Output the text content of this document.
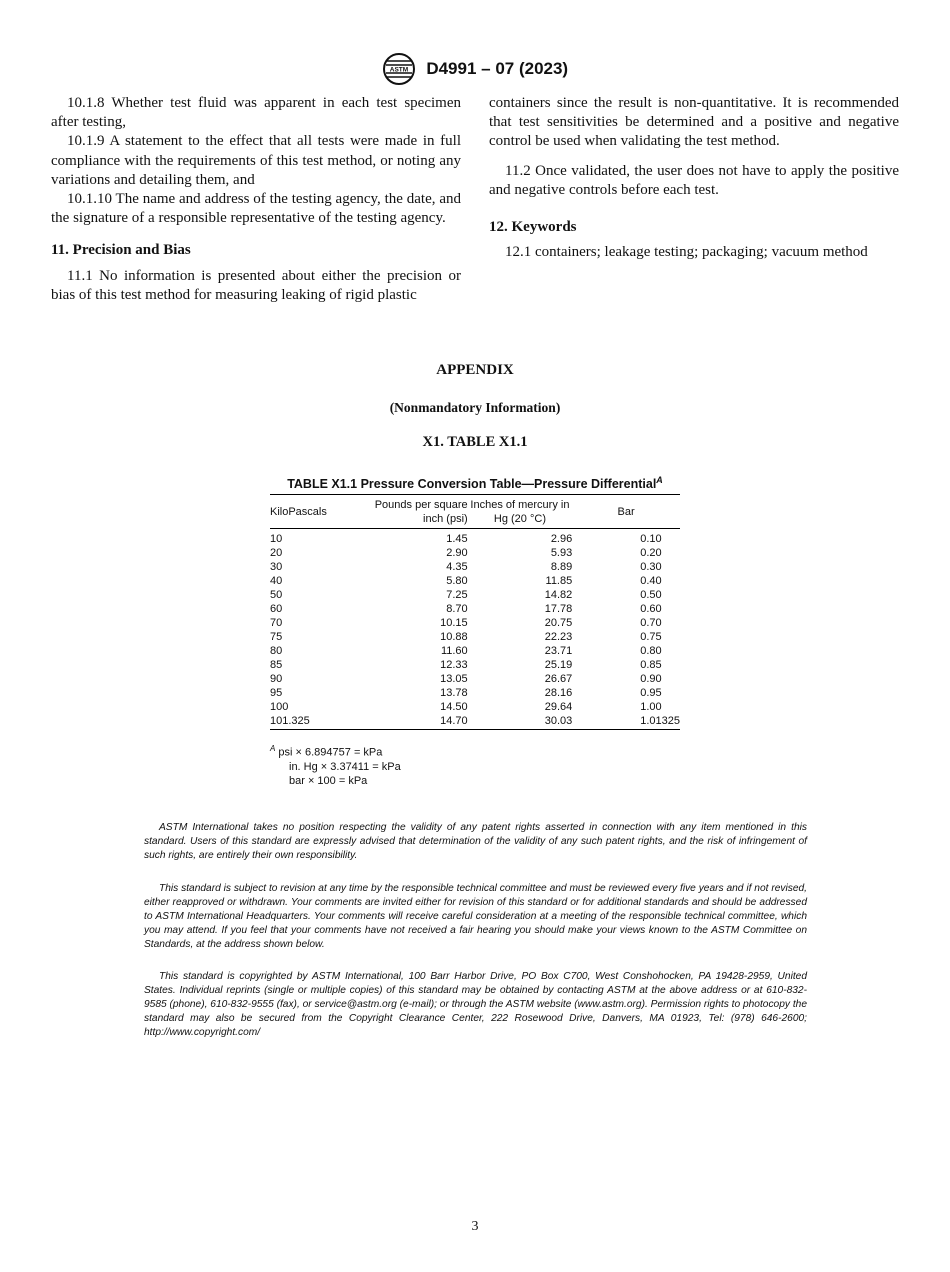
ASTM D4991 – 07 (2023)

10.1.8 Whether test fluid was apparent in each test specimen after testing,

10.1.9 A statement to the effect that all tests were made in full compliance with the requirements of this test method, or noting any variations and detailing them, and

10.1.10 The name and address of the testing agency, the date, and the signature of a responsible representative of the testing agency.

11. Precision and Bias

11.1 No information is presented about either the precision or bias of this test method for measuring leaking of rigid plastic

containers since the result is non-quantitative. It is recommended that test sensitivities be determined and a positive and negative control be used when validating the test method.

11.2 Once validated, the user does not have to apply the positive and negative controls before each test.

12. Keywords

12.1 containers; leakage testing; packaging; vacuum method

APPENDIX
(Nonmandatory Information)
X1. TABLE X1.1
TABLE X1.1 Pressure Conversion Table—Pressure Differential$^A$
KiloPascals	Pounds per square inch (psi)	Inches of mercury in Hg (20 °C)	Bar
10	1.45	2.96	0.10
20	2.90	5.93	0.20
30	4.35	8.89	0.30
40	5.80	11.85	0.40
50	7.25	14.82	0.50
60	8.70	17.78	0.60
70	10.15	20.75	0.70
75	10.88	22.23	0.75
80	11.60	23.71	0.80
85	12.33	25.19	0.85
90	13.05	26.67	0.90
95	13.78	28.16	0.95
100	14.50	29.64	1.00
101.325	14.70	30.03	1.01325
$^A$ psi × 6.894757 = kPa
in. Hg × 3.37411 = kPa
bar × 100 = kPa

ASTM International takes no position respecting the validity of any patent rights asserted in connection with any item mentioned in this standard. Users of this standard are expressly advised that determination of the validity of any such patent rights, and the risk of infringement of such rights, are entirely their own responsibility.

This standard is subject to revision at any time by the responsible technical committee and must be reviewed every five years and if not revised, either reapproved or withdrawn. Your comments are invited either for revision of this standard or for additional standards and should be addressed to ASTM International Headquarters. Your comments will receive careful consideration at a meeting of the responsible technical committee, which you may attend. If you feel that your comments have not received a fair hearing you should make your views known to the ASTM Committee on Standards, at the address shown below.

This standard is copyrighted by ASTM International, 100 Barr Harbor Drive, PO Box C700, West Conshohocken, PA 19428-2959, United States. Individual reprints (single or multiple copies) of this standard may be obtained by contacting ASTM at the above address or at 610-832-9585 (phone), 610-832-9555 (fax), or service@astm.org (e-mail); or through the ASTM website (www.astm.org). Permission rights to photocopy the standard may also be secured from the Copyright Clearance Center, 222 Rosewood Drive, Danvers, MA 01923, Tel: (978) 646-2600; http://www.copyright.com/

3
